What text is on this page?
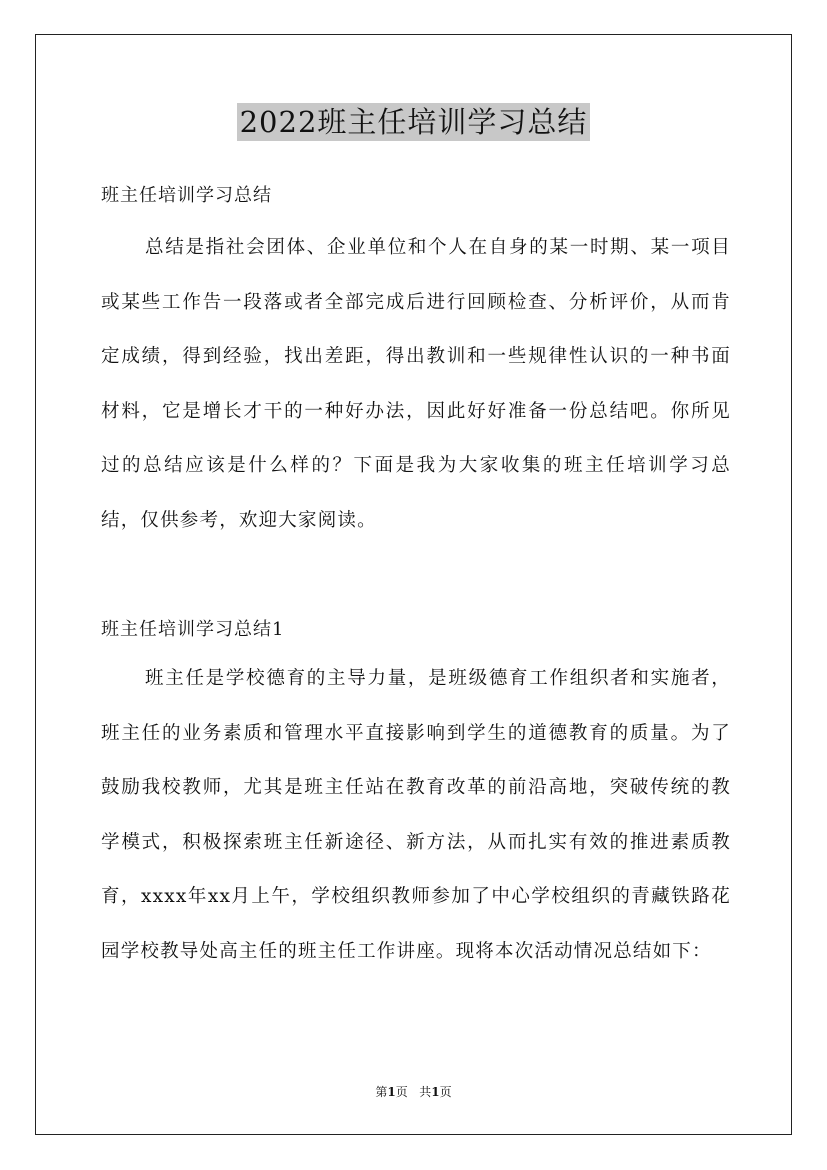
2022班主任培训学习总结
班主任培训学习总结

总结是指社会团体、企业单位和个人在自身的某一时期、某一项目或某些工作告一段落或者全部完成后进行回顾检查、分析评价，从而肯定成绩，得到经验，找出差距，得出教训和一些规律性认识的一种书面材料，它是增长才干的一种好办法，因此好好准备一份总结吧。你所见过的总结应该是什么样的？下面是我为大家收集的班主任培训学习总结，仅供参考，欢迎大家阅读。

班主任培训学习总结1

班主任是学校德育的主导力量，是班级德育工作组织者和实施者，班主任的业务素质和管理水平直接影响到学生的道德教育的质量。为了鼓励我校教师，尤其是班主任站在教育改革的前沿高地，突破传统的教学模式，积极探索班主任新途径、新方法，从而扎实有效的推进素质教育，xxxx年xx月上午，学校组织教师参加了中心学校组织的青藏铁路花园学校教导处高主任的班主任工作讲座。现将本次活动情况总结如下：

第1页 共1页
